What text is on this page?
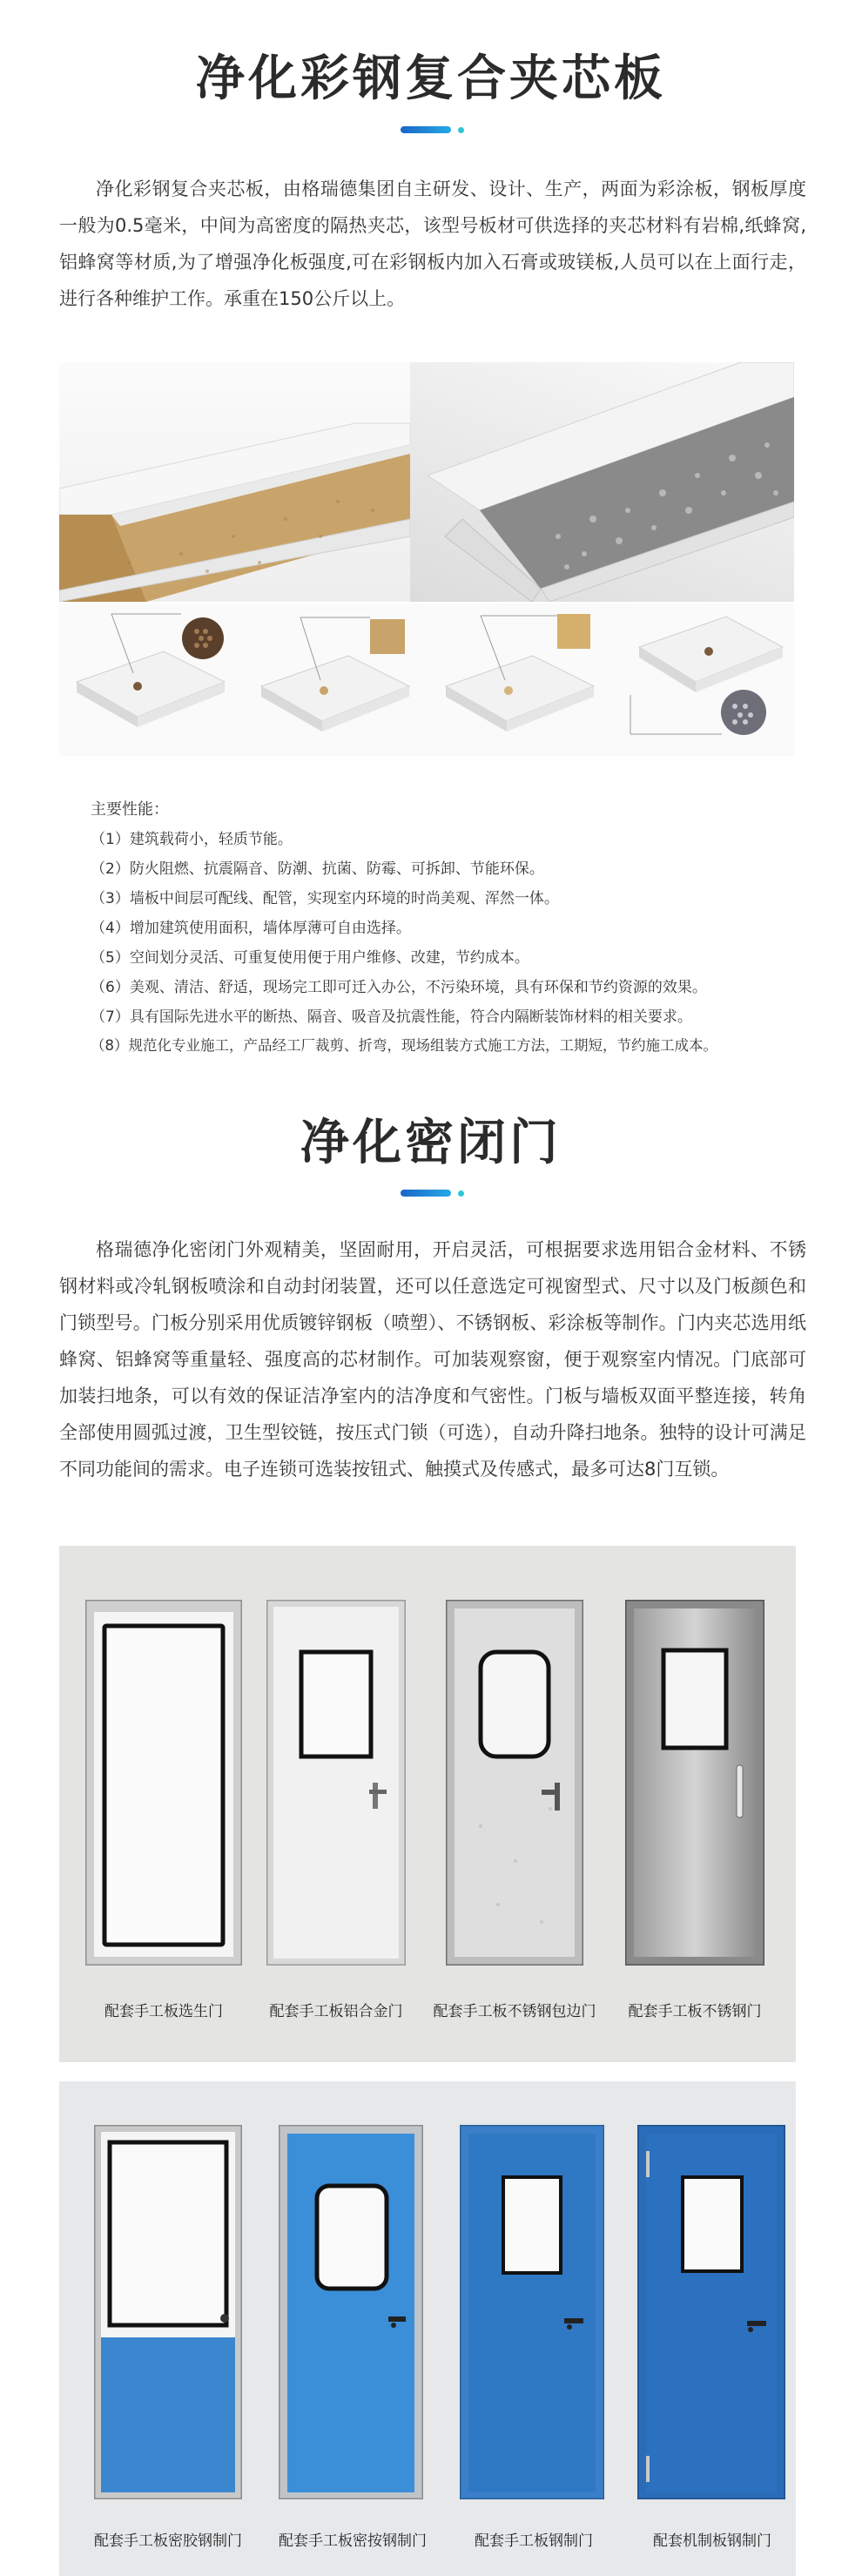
净化彩钢复合夹芯板
净化彩钢复合夹芯板，由格瑞德集团自主研发、设计、生产，两面为彩涂板，钢板厚度一般为0.5毫米，中间为高密度的隔热夹芯，该型号板材可供选择的夹芯材料有岩棉,纸蜂窝,铝蜂窝等材质,为了增强净化板强度,可在彩钢板内加入石膏或玻镁板,人员可以在上面行走，进行各种维护工作。承重在150公斤以上。
主要性能：
（1）建筑载荷小，轻质节能。
（2）防火阻燃、抗震隔音、防潮、抗菌、防霉、可拆卸、节能环保。
（3）墙板中间层可配线、配管，实现室内环境的时尚美观、浑然一体。
（4）增加建筑使用面积，墙体厚薄可自由选择。
（5）空间划分灵活、可重复使用便于用户维修、改建，节约成本。
（6）美观、清洁、舒适，现场完工即可迁入办公，不污染环境，具有环保和节约资源的效果。
（7）具有国际先进水平的断热、隔音、吸音及抗震性能，符合内隔断装饰材料的相关要求。
（8）规范化专业施工，产品经工厂裁剪、折弯，现场组装方式施工方法，工期短，节约施工成本。
净化密闭门
格瑞德净化密闭门外观精美，坚固耐用，开启灵活，可根据要求选用铝合金材料、不锈钢材料或冷轧钢板喷涂和自动封闭装置，还可以任意选定可视窗型式、尺寸以及门板颜色和门锁型号。门板分别采用优质镀锌钢板（喷塑）、不锈钢板、彩涂板等制作。门内夹芯选用纸蜂窝、铝蜂窝等重量轻、强度高的芯材制作。可加装观察窗，便于观察室内情况。门底部可加装扫地条，可以有效的保证洁净室内的洁净度和气密性。门板与墙板双面平整连接，转角全部使用圆弧过渡，卫生型铰链，按压式门锁（可选），自动升降扫地条。独特的设计可满足不同功能间的需求。电子连锁可选装按钮式、触摸式及传感式，最多可达8门互锁。
配套手工板选生门	配套手工板铝合金门	配套手工板不锈钢包边门	配套手工板不锈钢门
配套手工板密胶钢制门	配套手工板密按钢制门	配套手工板钢制门	配套机制板钢制门
